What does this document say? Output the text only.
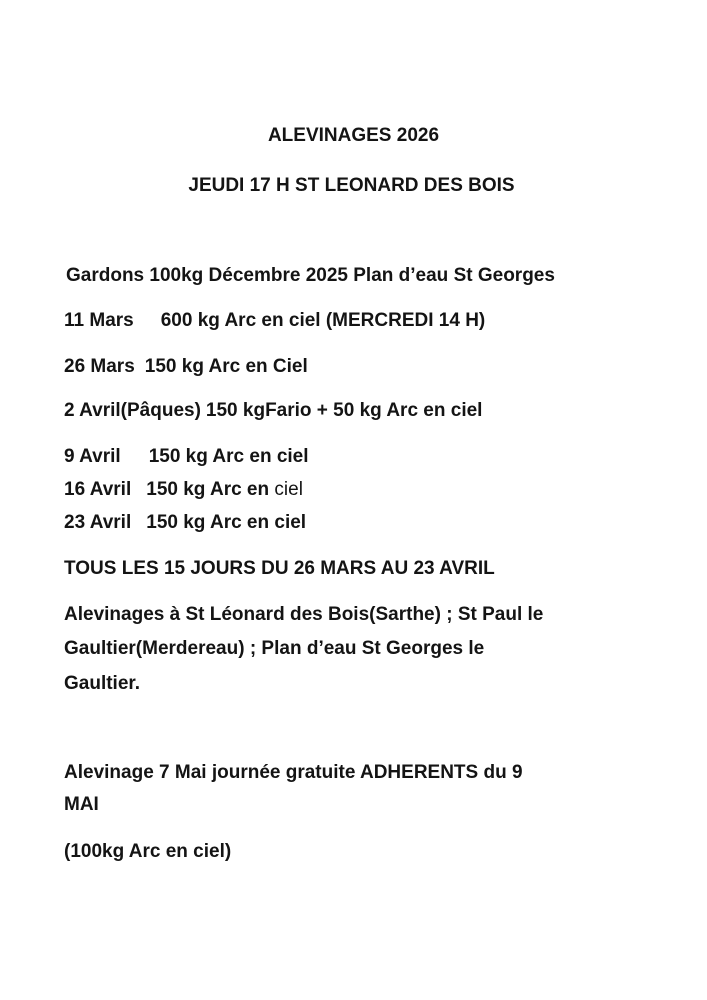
ALEVINAGES 2026
JEUDI 17 H ST LEONARD DES BOIS
Gardons 100kg Décembre 2025 Plan d’eau St Georges
11 Mars 600 kg Arc en ciel (MERCREDI 14 H)
26 Mars 150 kg Arc en Ciel
2 Avril(Pâques) 150 kgFario + 50 kg Arc en ciel
9 Avril 150 kg Arc en ciel
16 Avril 150 kg Arc en ciel
23 Avril 150 kg Arc en ciel
TOUS LES 15 JOURS DU 26 MARS AU 23 AVRIL
Alevinages à St Léonard des Bois(Sarthe) ; St Paul le
Gaultier(Merdereau) ; Plan d’eau St Georges le
Gaultier.
Alevinage 7 Mai journée gratuite ADHERENTS du 9
MAI
(100kg Arc en ciel)
